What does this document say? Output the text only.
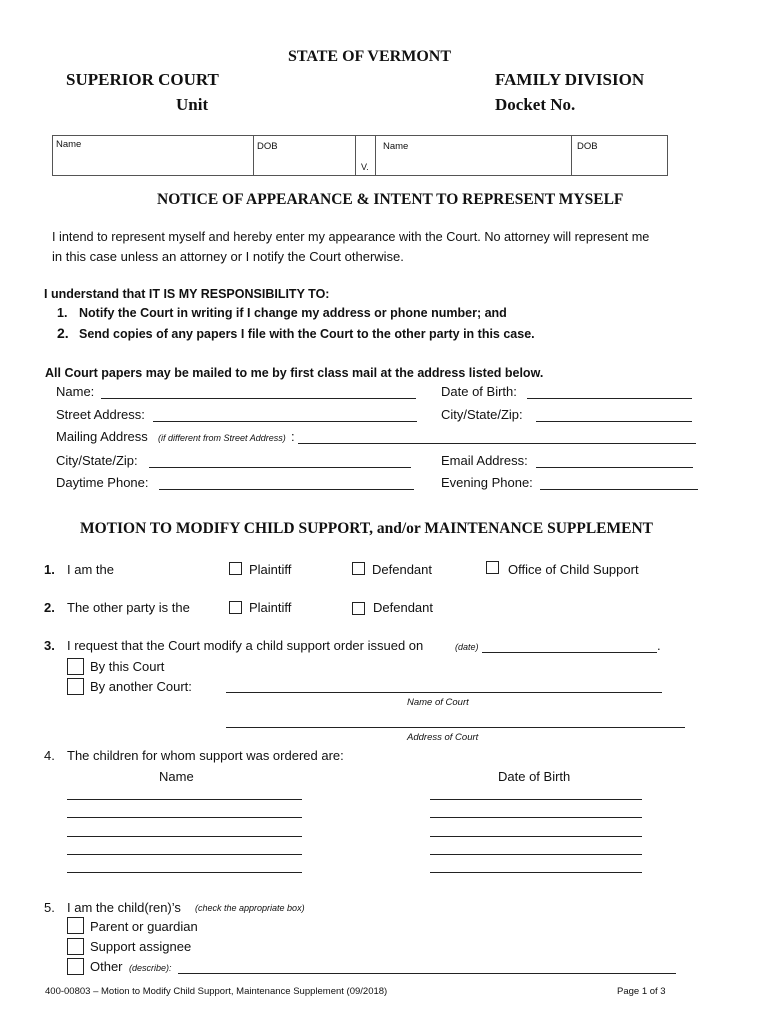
STATE OF VERMONT
SUPERIOR COURT
Unit
FAMILY DIVISION
Docket No.
Name	DOB
V.
Name	DOB
NOTICE OF APPEARANCE & INTENT TO REPRESENT MYSELF
I intend to represent myself and hereby enter my appearance with the Court. No attorney will represent me
in this case unless an attorney or I notify the Court otherwise.
I understand that IT IS MY RESPONSIBILITY TO:
1. Notify the Court in writing if I change my address or phone number; and
2. Send copies of any papers I file with the Court to the other party in this case.
All Court papers may be mailed to me by first class mail at the address listed below.
Name:	Date of Birth:
Street Address:	City/State/Zip:
Mailing Address (if different from Street Address) :
City/State/Zip:	Email Address:
Daytime Phone:	Evening Phone:
MOTION TO MODIFY CHILD SUPPORT, and/or MAINTENANCE SUPPLEMENT
1. I am the	Plaintiff	Defendant	Office of Child Support
2. The other party is the	Plaintiff	Defendant
3. I request that the Court modify a child support order issued on	(date)	.
By this Court
By another Court:
Name of Court
Address of Court
4. The children for whom support was ordered are:
Name	Date of Birth
5. I am the child(ren)’s (check the appropriate box)
Parent or guardian
Support assignee
Other (describe):
400-00803 – Motion to Modify Child Support, Maintenance Supplement (09/2018)	Page 1 of 3
